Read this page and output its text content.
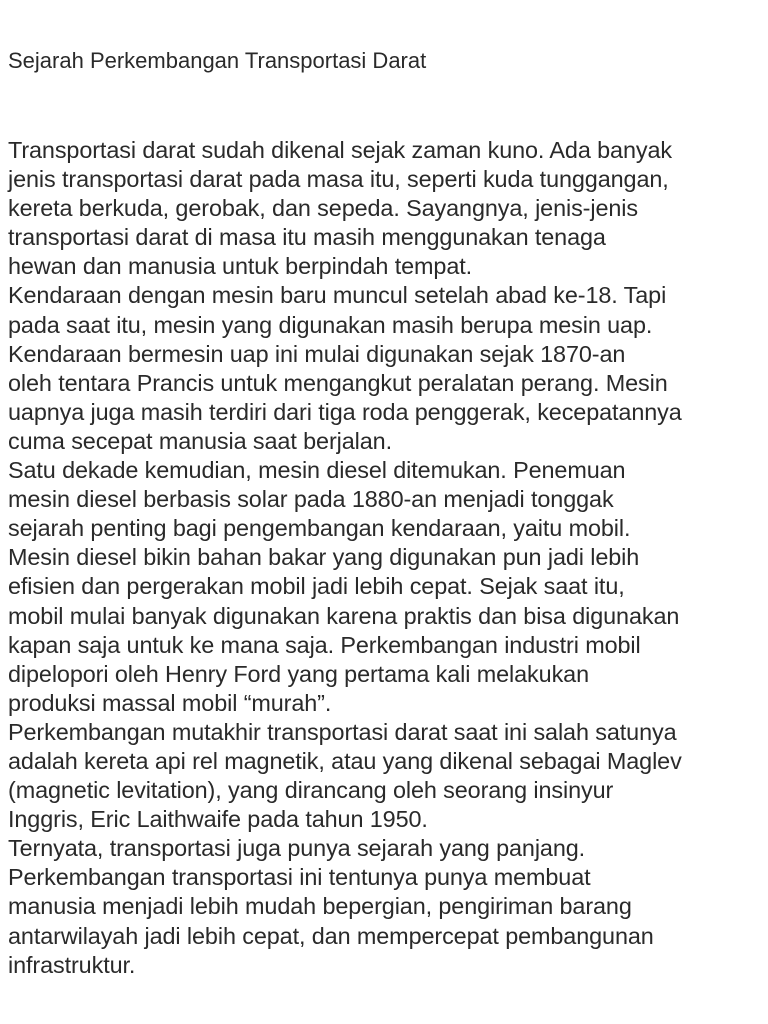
Sejarah Perkembangan Transportasi Darat
Transportasi darat sudah dikenal sejak zaman kuno. Ada banyak
jenis transportasi darat pada masa itu, seperti kuda tunggangan,
kereta berkuda, gerobak, dan sepeda. Sayangnya, jenis-jenis
transportasi darat di masa itu masih menggunakan tenaga
hewan dan manusia untuk berpindah tempat.
Kendaraan dengan mesin baru muncul setelah abad ke-18. Tapi
pada saat itu, mesin yang digunakan masih berupa mesin uap.
Kendaraan bermesin uap ini mulai digunakan sejak 1870-an
oleh tentara Prancis untuk mengangkut peralatan perang. Mesin
uapnya juga masih terdiri dari tiga roda penggerak, kecepatannya
cuma secepat manusia saat berjalan.
Satu dekade kemudian, mesin diesel ditemukan. Penemuan
mesin diesel berbasis solar pada 1880-an menjadi tonggak
sejarah penting bagi pengembangan kendaraan, yaitu mobil.
Mesin diesel bikin bahan bakar yang digunakan pun jadi lebih
efisien dan pergerakan mobil jadi lebih cepat. Sejak saat itu,
mobil mulai banyak digunakan karena praktis dan bisa digunakan
kapan saja untuk ke mana saja. Perkembangan industri mobil
dipelopori oleh Henry Ford yang pertama kali melakukan
produksi massal mobil “murah”.
Perkembangan mutakhir transportasi darat saat ini salah satunya
adalah kereta api rel magnetik, atau yang dikenal sebagai Maglev
(magnetic levitation), yang dirancang oleh seorang insinyur
Inggris, Eric Laithwaife pada tahun 1950.
Ternyata, transportasi juga punya sejarah yang panjang.
Perkembangan transportasi ini tentunya punya membuat
manusia menjadi lebih mudah bepergian, pengiriman barang
antarwilayah jadi lebih cepat, dan mempercepat pembangunan
infrastruktur.
